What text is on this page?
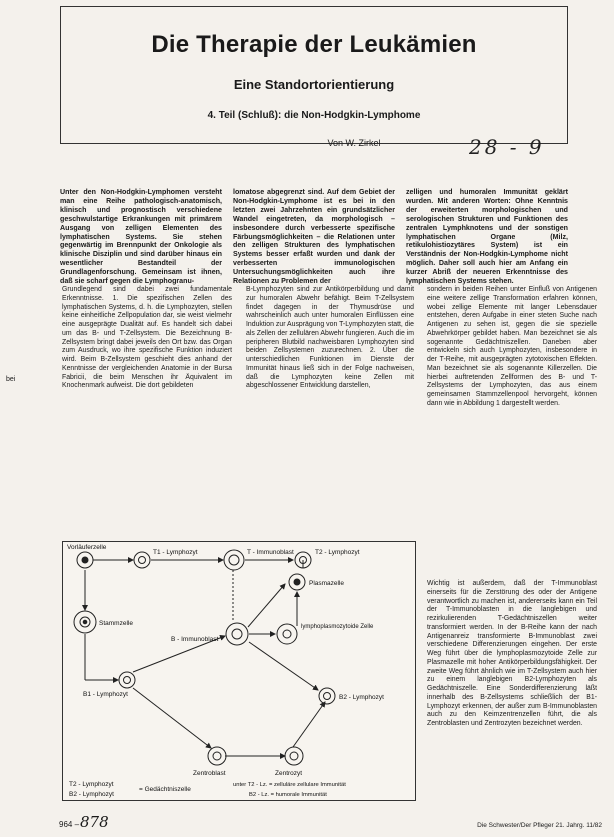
Die Therapie der Leukämien
Eine Standortorientierung
4. Teil (Schluß): die Non-Hodgkin-Lymphome
Von W. Zirkel	28 - 9
Unter den Non-Hodgkin-Lymphomen versteht man eine Reihe pathologisch-anatomisch, klinisch und prognostisch verschiedene geschwulstartige Erkrankungen mit primärem Ausgang von zelligen Elementen des lymphatischen Systems. Sie stehen gegenwärtig im Brennpunkt der Onkologie als klinische Disziplin und sind darüber hinaus ein wesentlicher Bestandteil der Grundlagenforschung. Gemeinsam ist ihnen, daß sie scharf gegen die Lymphogranu-
lomatose abgegrenzt sind. Auf dem Gebiet der Non-Hodgkin-Lymphome ist es bei in den letzten zwei Jahrzehnten ein grundsätzlicher Wandel eingetreten, da morphologisch – insbesondere durch verbesserte spezifische Färbungsmöglichkeiten – die Relationen unter den zelligen Strukturen des lymphatischen Systems besser erfaßt wurden und dank der verbesserten immunologischen Untersuchungsmöglichkeiten auch ihre Relationen zu Problemen der
zelligen und humoralen Immunität geklärt wurden. Mit anderen Worten: Ohne Kenntnis der erweiterten morphologischen und serologischen Strukturen und Funktionen des zentralen Lymphknotens und der sonstigen lymphatischen Organe (Milz, retikulohistiozytäres System) ist ein Verständnis der Non-Hodgkin-Lymphome nicht möglich. Daher soll auch hier am Anfang ein kurzer Abriß der neueren Erkenntnisse des lymphatischen Systems stehen.
bei
Grundlegend sind dabei zwei fundamentale Erkenntnisse. 1. Die spezifischen Zellen des lymphatischen Systems, d. h. die Lymphozyten, stellen keine einheitliche Zellpopulation dar, sie weist vielmehr eine ausgeprägte Dualität auf. Es handelt sich dabei um das B- und T-Zellsystem. Die Bezeichnung B-Zellsystem bringt dabei jeweils den Ort bzw. das Organ zum Ausdruck, wo ihre spezifische Funktion induziert wird. Beim B-Zellsystem geschieht dies anhand der Kenntnisse der vergleichenden Anatomie in der Bursa Fabricii, die beim Menschen ihr Äquivalent im Knochenmark aufweist. Die dort gebildeten
B-Lymphozyten sind zur Antikörperbildung und damit zur humoralen Abwehr befähigt. Beim T-Zellsystem findet dagegen in der Thymusdrüse und wahrscheinlich auch unter humoralen Einflüssen eine Induktion zur Ausprägung von T-Lymphozyten statt, die als Zellen der zellulären Abwehr fungieren. Auch die im peripheren Blutbild nachweisbaren Lymphozyten sind beiden Zellsystemen zuzurechnen. 2. Über die unterschiedlichen Funktionen im Dienste der Immunität hinaus ließ sich in der Folge nachweisen, daß die Lymphozyten keine Zellen mit abgeschlossener Entwicklung darstellen,
sondern in beiden Reihen unter Einfluß von Antigenen eine weitere zellige Transformation erfahren können, wobei zellige Elemente mit langer Lebensdauer entstehen, deren Aufgabe in einer steten Suche nach Antigenen zu sehen ist, gegen die sie spezielle Abwehrkörper gebildet haben. Man bezeichnet sie als sogenannte Gedächtniszellen. Daneben aber entwickeln sich auch Lymphozyten, insbesondere in der T-Reihe, mit ausgeprägten zytotoxischen Effekten. Man bezeichnet sie als sogenannte Killerzellen. Die hierbei auftretenden Zellformen des B- und T-Zellsystems der Lymphozyten, das aus einem gemeinsamen Stammzellenpool hervorgeht, können dann wie in Abbildung 1 dargestellt werden.
Wichtig ist außerdem, daß der T-Immunoblast einerseits für die Zerstörung des oder der Antigene verantwortlich zu machen ist, andererseits kann ein Teil der T-Immunoblasten in die langlebigen und rezirkulierenden T-Gedächtniszellen weiter transformiert werden. In der B-Reihe kann der nach Antigenanreiz transformierte B-Immunoblast zwei verschiedene Differenzierungen eingehen. Der erste Weg führt über die lymphoplasmozytoide Zelle zur Plasmazelle mit hoher Antikörperbildungsfähigkeit. Der zweite Weg führt ähnlich wie im T-Zellsystem auch hier zu einem langlebigen B2-Lymphozyten als Gedächtniszelle. Eine Sonderdifferenzierung läßt innerhalb des B-Zellsystems schließlich der B1-Lymphozyt erkennen, der außer zum B-Immunoblasten auch zu den Keimzentrenzellen führt, die als Zentroblasten und Zentrozyten bezeichnet werden.
Vorläuferzelle
T1 - Lymphozyt	T - Immunoblast	T2 - Lymphozyt
Stammzelle
Plasmazelle
B - Immunoblast
lymphoplasmozytoide Zelle
B1 - Lymphozyt	B2 - Lymphozyt
Zentroblast	Zentrozyt
T2 - Lymphozyt
B2 - Lymphozyt
= Gedächtniszelle
unter T2 - Lz. = zelluläre zellulare Immunität
B2 - Lz. = humorale Immunität
964 – 878	Die Schwester/Der Pfleger 21. Jahrg. 11/82
